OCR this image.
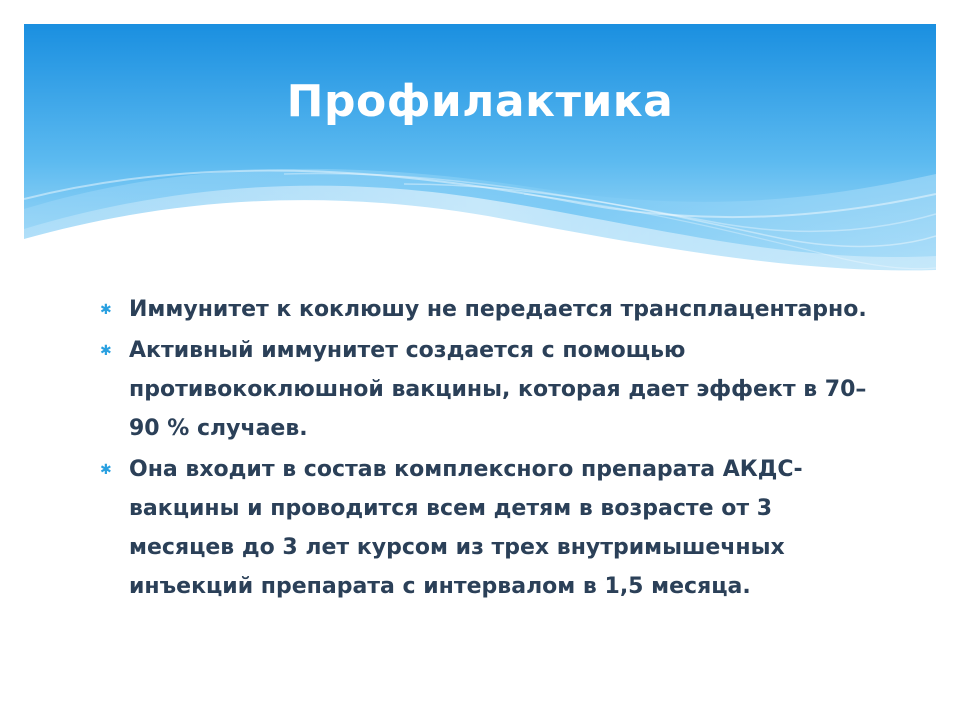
Профилактика
✱ Иммунитет к коклюшу не передается трансплацентарно.
✱ Активный иммунитет создается с помощью противококлюшной вакцины, которая дает эффект в 70–90 % случаев.
✱ Она входит в состав комплексного препарата АКДС-вакцины и проводится всем детям в возрасте от 3 месяцев до 3 лет курсом из трех внутримышечных инъекций препарата с интервалом в 1,5 месяца.
